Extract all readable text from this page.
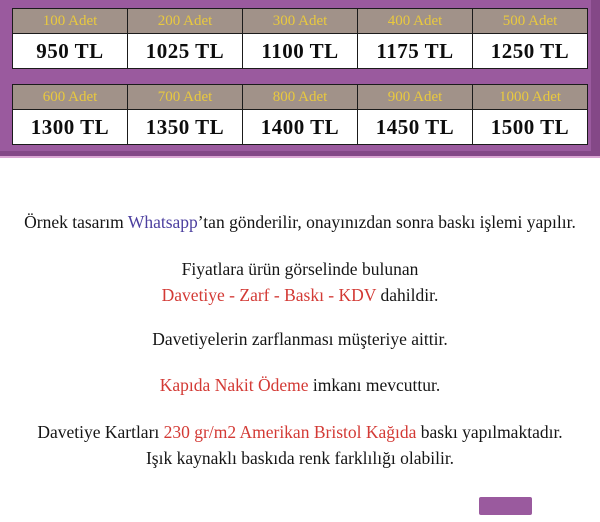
100 Adet	200 Adet	300 Adet	400 Adet	500 Adet
950 TL	1025 TL	1100 TL	1175 TL	1250 TL
600 Adet	700 Adet	800 Adet	900 Adet	1000 Adet
1300 TL	1350 TL	1400 TL	1450 TL	1500 TL

Örnek tasarım Whatsapp’tan gönderilir, onayınızdan sonra baskı işlemi yapılır.

Fiyatlara ürün görselinde bulunan
Davetiye - Zarf - Baskı - KDV dahildir.

Davetiyelerin zarflanması müşteriye aittir.

Kapıda Nakit Ödeme imkanı mevcuttur.

Davetiye Kartları 230 gr/m2 Amerikan Bristol Kağıda baskı yapılmaktadır.
Işık kaynaklı baskıda renk farklılığı olabilir.
